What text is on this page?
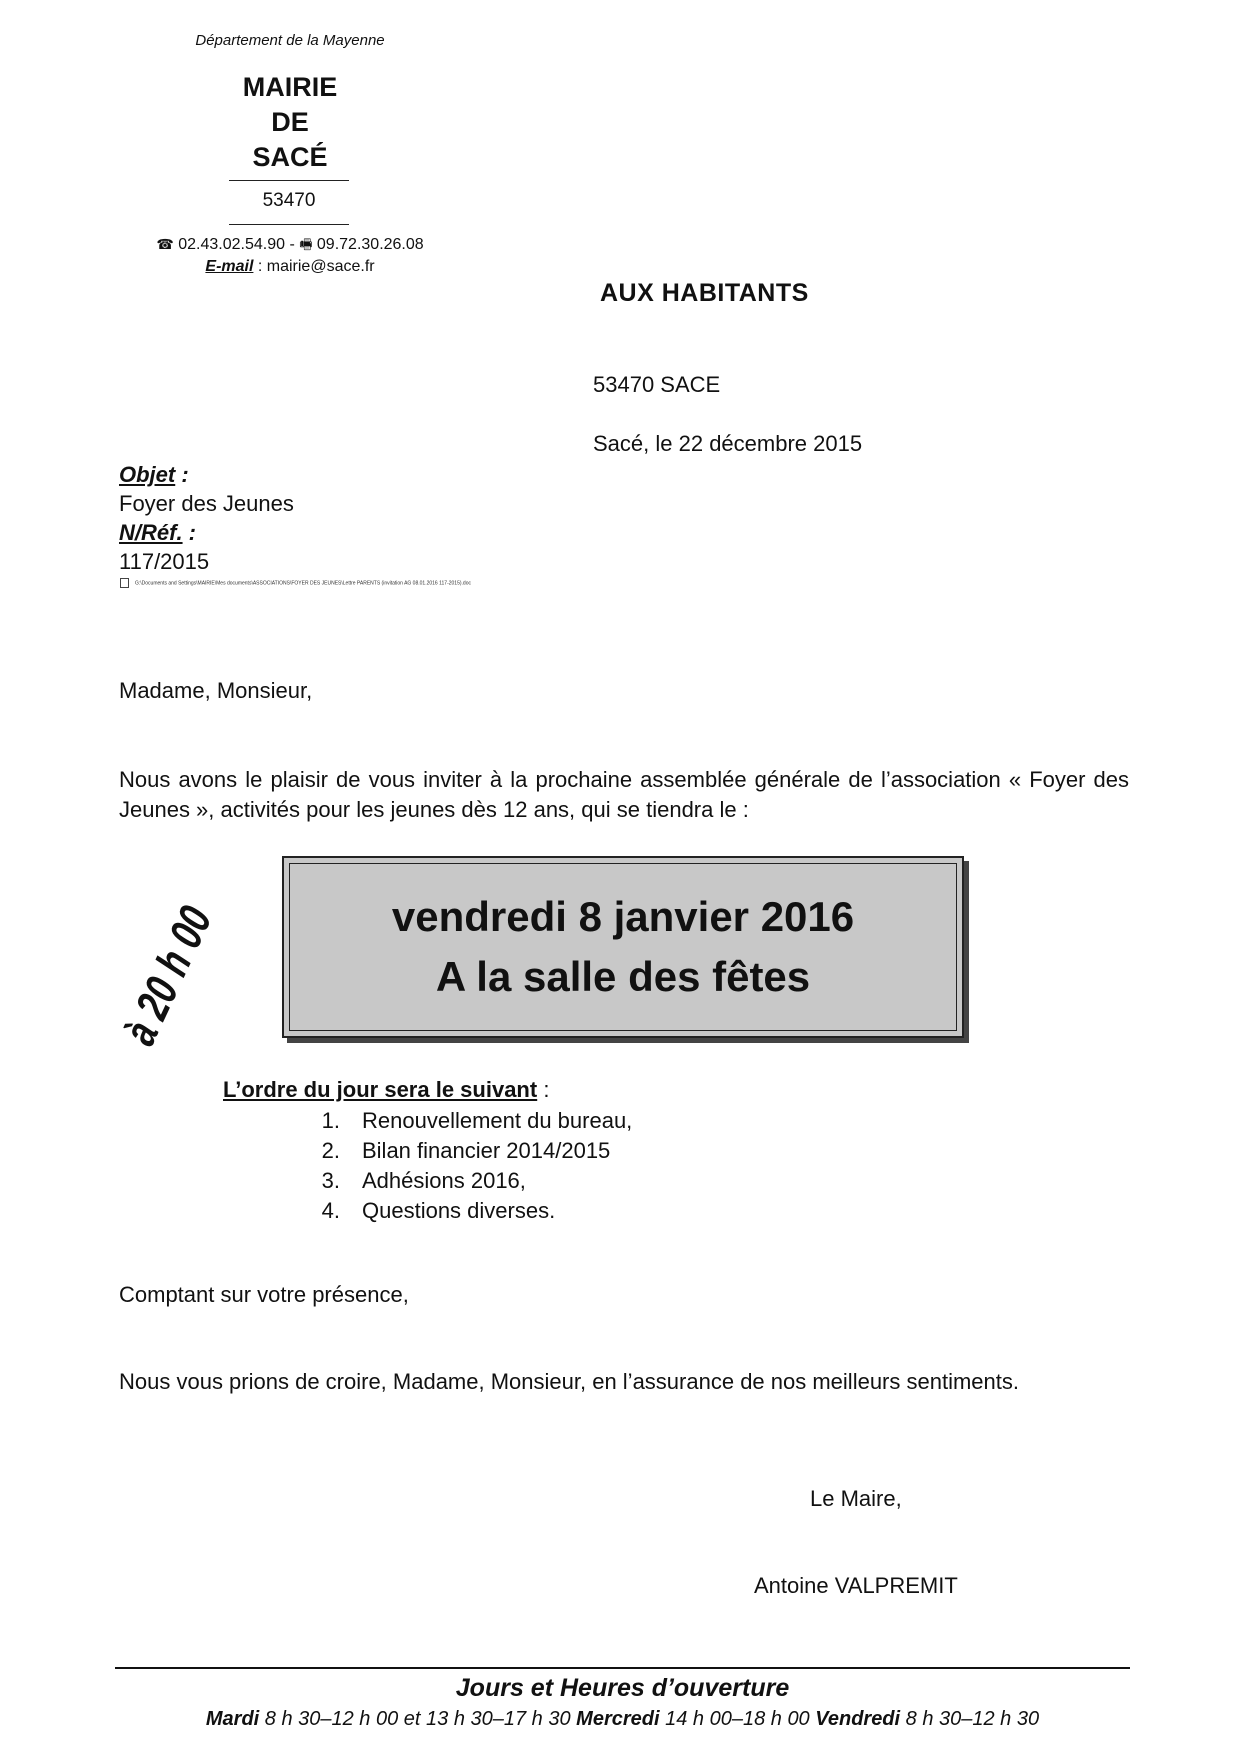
Département de la Mayenne
MAIRIE
DE
SACÉ
53470
☎ 02.43.02.54.90 - 🖷 09.72.30.26.08
E-mail : mairie@sace.fr
AUX HABITANTS
53470 SACE
Sacé, le 22 décembre 2015
Objet :
Foyer des Jeunes
N/Réf. :
117/2015
G:\Documents and Settings\MAIRIE\Mes documents\ASSOCIATIONS\FOYER DES JEUNES\Lettre PARENTS (invitation AG 08.01.2016 117-2015).doc
Madame, Monsieur,
Nous avons le plaisir de vous inviter à la prochaine assemblée générale de l’association « Foyer des Jeunes », activités pour les jeunes dès 12 ans, qui se tiendra le :
vendredi 8 janvier 2016
A la salle des fêtes
à 20 h 00
L’ordre du jour sera le suivant :
1.	Renouvellement du bureau,
2.	Bilan financier 2014/2015
3.	Adhésions 2016,
4.	Questions diverses.
Comptant sur votre présence,
Nous vous prions de croire, Madame, Monsieur, en l’assurance de nos meilleurs sentiments.
Le Maire,
Antoine VALPREMIT
Jours et Heures d’ouverture
Mardi 8 h 30–12 h 00 et 13 h 30–17 h 30 Mercredi 14 h 00–18 h 00 Vendredi 8 h 30–12 h 30
